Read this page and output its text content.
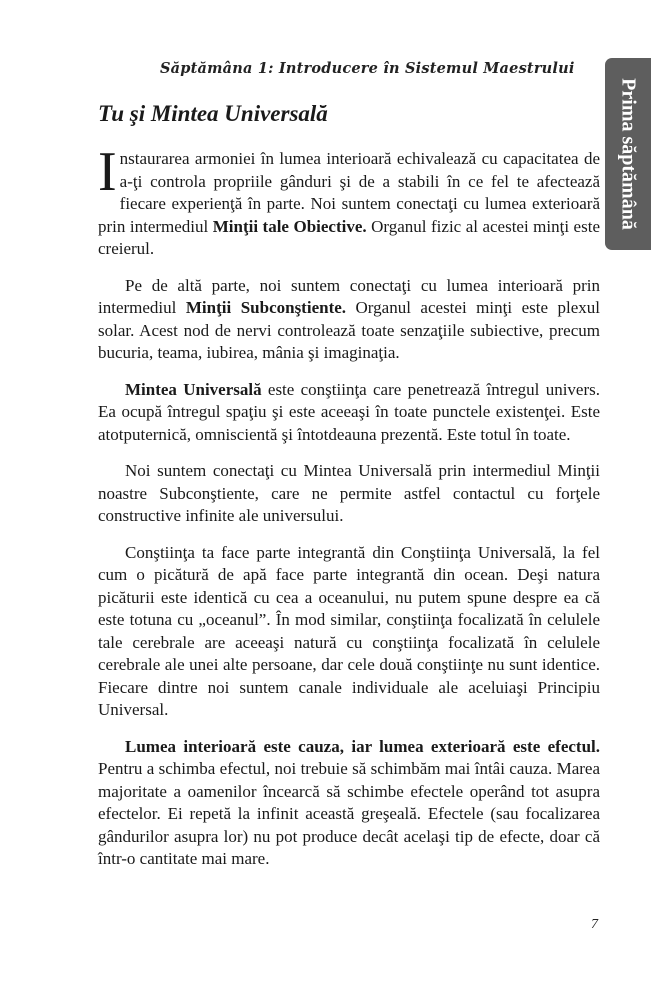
Săptămâna 1: Introducere în Sistemul Maestrului
Prima săptămână
Tu şi Mintea Universală

Instaurarea armoniei în lumea interioară echivalează cu capacitatea de a-ţi controla propriile gânduri şi de a stabili în ce fel te afectează fiecare experienţă în parte. Noi suntem conectaţi cu lumea exterioară prin intermediul Minţii tale Obiective. Organul fizic al acestei minţi este creierul.

Pe de altă parte, noi suntem conectaţi cu lumea interioară prin intermediul Minţii Subconştiente. Organul acestei minţi este plexul solar. Acest nod de nervi controlează toate senzaţiile subiective, precum bucuria, teama, iubirea, mânia şi imaginaţia.

Mintea Universală este conştiinţa care penetrează întregul univers. Ea ocupă întregul spaţiu şi este aceeaşi în toate punctele existenţei. Este atotputernică, omniscientă şi întotdeauna prezentă. Este totul în toate.

Noi suntem conectaţi cu Mintea Universală prin intermediul Minţii noastre Subconştiente, care ne permite astfel contactul cu forţele constructive infinite ale universului.

Conştiinţa ta face parte integrantă din Conştiinţa Universală, la fel cum o picătură de apă face parte integrantă din ocean. Deşi natura picăturii este identică cu cea a oceanului, nu putem spune despre ea că este totuna cu „oceanul”. În mod similar, conştiinţa focalizată în celulele tale cerebrale are aceeaşi natură cu conştiinţa focalizată în celulele cerebrale ale unei alte persoane, dar cele două conştiinţe nu sunt identice. Fiecare dintre noi suntem canale individuale ale aceluiaşi Principiu Universal.

Lumea interioară este cauza, iar lumea exterioară este efectul. Pentru a schimba efectul, noi trebuie să schimbăm mai întâi cauza. Marea majoritate a oamenilor încearcă să schimbe efectele operând tot asupra efectelor. Ei repetă la infinit această greşeală. Efectele (sau focalizarea gândurilor asupra lor) nu pot produce decât acelaşi tip de efecte, doar că într-o cantitate mai mare.

7
